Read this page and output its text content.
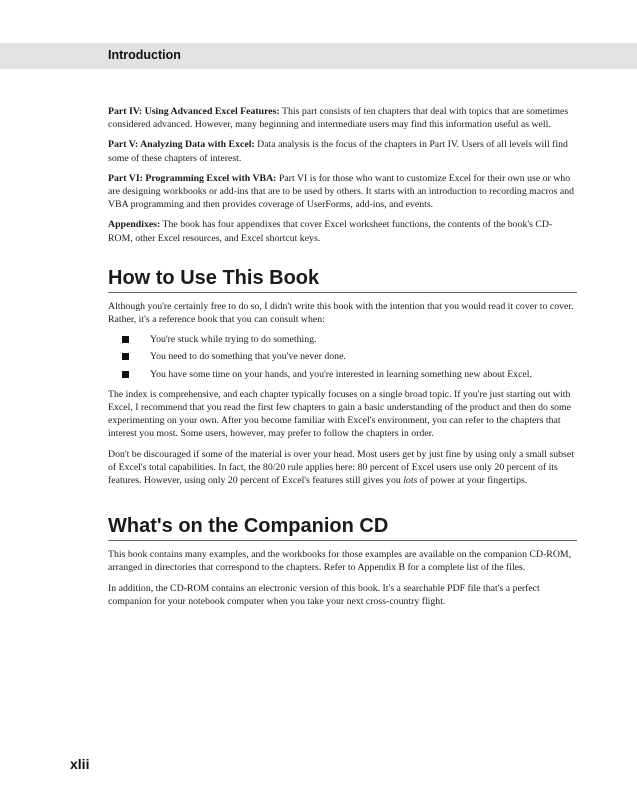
Introduction

Part IV: Using Advanced Excel Features: This part consists of ten chapters that deal with topics that are sometimes considered advanced. However, many beginning and intermediate users may find this information useful as well.

Part V: Analyzing Data with Excel: Data analysis is the focus of the chapters in Part IV. Users of all levels will find some of these chapters of interest.

Part VI: Programming Excel with VBA: Part VI is for those who want to customize Excel for their own use or who are designing workbooks or add-ins that are to be used by others. It starts with an introduction to recording macros and VBA programming and then provides coverage of UserForms, add-ins, and events.

Appendixes: The book has four appendixes that cover Excel worksheet functions, the contents of the book's CD-ROM, other Excel resources, and Excel shortcut keys.

How to Use This Book

Although you're certainly free to do so, I didn't write this book with the intention that you would read it cover to cover. Rather, it's a reference book that you can consult when:

You're stuck while trying to do something.
You need to do something that you've never done.
You have some time on your hands, and you're interested in learning something new about Excel.

The index is comprehensive, and each chapter typically focuses on a single broad topic. If you're just starting out with Excel, I recommend that you read the first few chapters to gain a basic understanding of the product and then do some experimenting on your own. After you become familiar with Excel's environment, you can refer to the chapters that interest you most. Some users, however, may prefer to follow the chapters in order.

Don't be discouraged if some of the material is over your head. Most users get by just fine by using only a small subset of Excel's total capabilities. In fact, the 80/20 rule applies here: 80 percent of Excel users use only 20 percent of its features. However, using only 20 percent of Excel's features still gives you lots of power at your fingertips.

What's on the Companion CD

This book contains many examples, and the workbooks for those examples are available on the companion CD-ROM, arranged in directories that correspond to the chapters. Refer to Appendix B for a complete list of the files.

In addition, the CD-ROM contains an electronic version of this book. It's a searchable PDF file that's a perfect companion for your notebook computer when you take your next cross-country flight.

xlii
